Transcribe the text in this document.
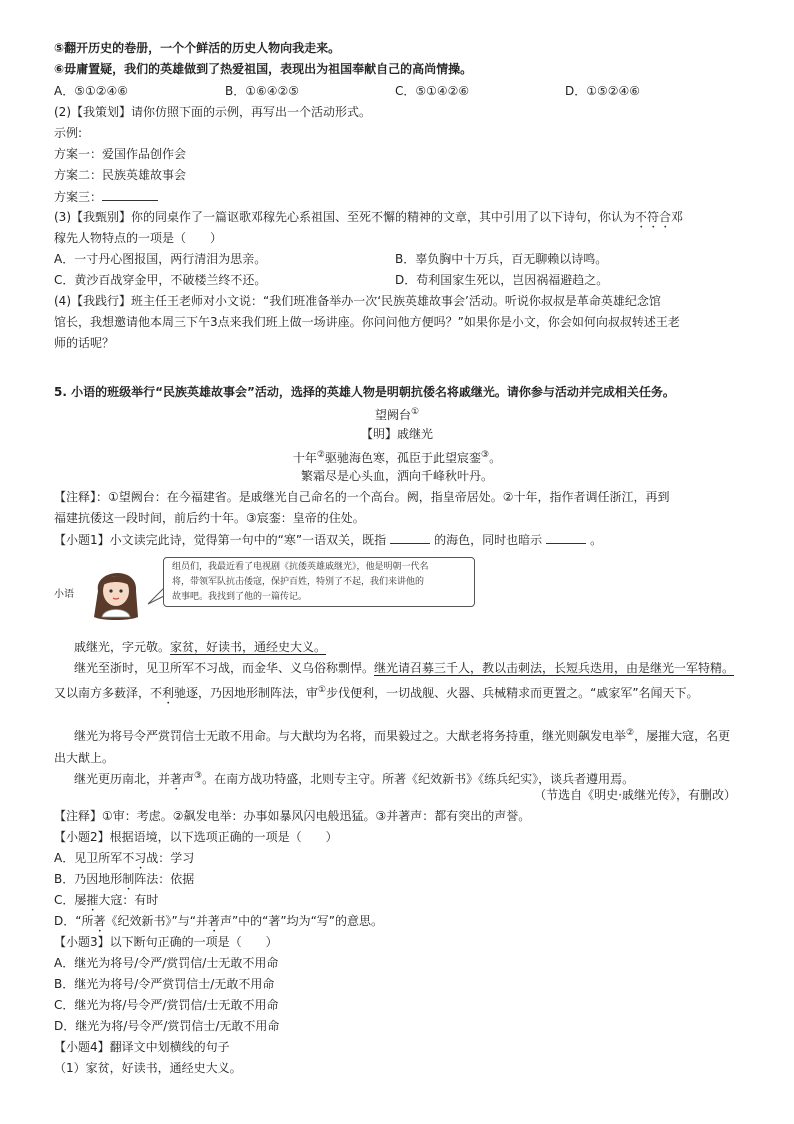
⑤翻开历史的卷册，一个个鲜活的历史人物向我走来。
⑥毋庸置疑，我们的英雄做到了热爱祖国，表现出为祖国奉献自己的高尚情操。
A．⑤①②④⑥	B．①⑥④②⑤	C．⑤①④②⑥	D．①⑤②④⑥
(2)【我策划】请你仿照下面的示例，再写出一个活动形式。
示例:
方案一：爱国作品创作会
方案二：民族英雄故事会
方案三：
(3)【我甄别】你的同桌作了一篇讴歌邓稼先心系祖国、至死不懈的精神的文章，其中引用了以下诗句，你认为不符合邓
稼先人物特点的一项是（　　）
A．一寸丹心图报国，两行清泪为思亲。	B．辜负胸中十万兵，百无聊赖以诗鸣。
C．黄沙百战穿金甲，不破楼兰终不还。	D．苟利国家生死以，岂因祸福避趋之。
(4)【我践行】班主任王老师对小文说：“我们班准备举办一次‘民族英雄故事会’活动。听说你叔叔是革命英雄纪念馆
馆长，我想邀请他本周三下午3点来我们班上做一场讲座。你问问他方便吗？”如果你是小文，你会如何向叔叔转述王老
师的话呢？
5. 小语的班级举行“民族英雄故事会”活动，选择的英雄人物是明朝抗倭名将戚继光。请你参与活动并完成相关任务。
望阙台①
【明】戚继光
十年②驱驰海色寒，孤臣于此望宸銮③。
繁霜尽是心头血，洒向千峰秋叶丹。
【注释】：①望阙台：在今福建省。是戚继光自己命名的一个高台。阙，指皇帝居处。②十年，指作者调任浙江，再到
福建抗倭这一段时间，前后约十年。③宸銮：皇帝的住处。
【小题1】小文读完此诗，觉得第一句中的“寒”一语双关，既指	的海色，同时也暗示	。
小语
组员们，我最近看了电视剧《抗倭英雄戚继光》，他是明朝一代名
将，带领军队抗击倭寇，保护百姓，特别了不起，我们来讲他的
故事吧。我找到了他的一篇传记。
戚继光，字元敬。家贫，好读书，通经史大义。
继光至浙时，见卫所军不习战，而金华、义乌俗称剽悍。继光请召募三千人，教以击刺法，长短兵迭用，由是继光一军特精。又以南方多薮泽，不利驰逐，乃因地形制阵法，审①步伐便利，一切战舰、火器、兵械精求而更置之。“戚家军”名闻天下。
继光为将号令严赏罚信士无敢不用命。与大猷均为名将，而果毅过之。大猷老将务持重，继光则飙发电举②，屡摧大寇，名更出大猷上。
继光更历南北，并著声③。在南方战功特盛，北则专主守。所著《纪效新书》《练兵纪实》，谈兵者遵用焉。
（节选自《明史·戚继光传》，有删改）
【注释】①审：考虑。②飙发电举：办事如暴风闪电般迅猛。③并著声：都有突出的声誉。
【小题2】根据语境，以下选项正确的一项是（　　）
A．见卫所军不习战：学习
B．乃因地形制阵法：依据
C．屡摧大寇：有时
D．“所著《纪效新书》”与“并著声”中的“著”均为“写”的意思。
【小题3】以下断句正确的一项是（　　）
A．继光为将号/令严/赏罚信/士无敢不用命
B．继光为将号/令严赏罚信士/无敢不用命
C．继光为将/号令严/赏罚信/士无敢不用命
D．继光为将/号令严/赏罚信士/无敢不用命
【小题4】翻译文中划横线的句子
（1）家贫，好读书，通经史大义。
